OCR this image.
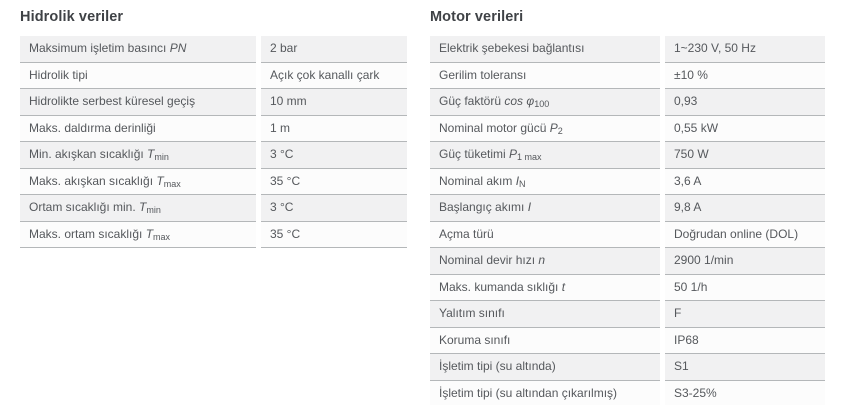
Hidrolik veriler
Maksimum işletim basıncı PN	2 bar
Hidrolik tipi	Açık çok kanallı çark
Hidrolikte serbest küresel geçiş	10 mm
Maks. daldırma derinliği	1 m
Min. akışkan sıcaklığı $T_{min}$	3 °C
Maks. akışkan sıcaklığı $T_{max}$	35 °C
Ortam sıcaklığı min. $T_{min}$	3 °C
Maks. ortam sıcaklığı $T_{max}$	35 °C
Motor verileri
Elektrik şebekesi bağlantısı	1~230 V, 50 Hz
Gerilim toleransı	±10 %
Güç faktörü $\cos \varphi_{100}$	0,93
Nominal motor gücü $P_2$	0,55 kW
Güç tüketimi $P_{1 max}$	750 W
Nominal akım $I_N$	3,6 A
Başlangıç akımı I	9,8 A
Açma türü	Doğrudan online (DOL)
Nominal devir hızı n	2900 1/min
Maks. kumanda sıklığı t	50 1/h
Yalıtım sınıfı	F
Koruma sınıfı	IP68
İşletim tipi (su altında)	S1
İşletim tipi (su altından çıkarılmış)	S3-25%
